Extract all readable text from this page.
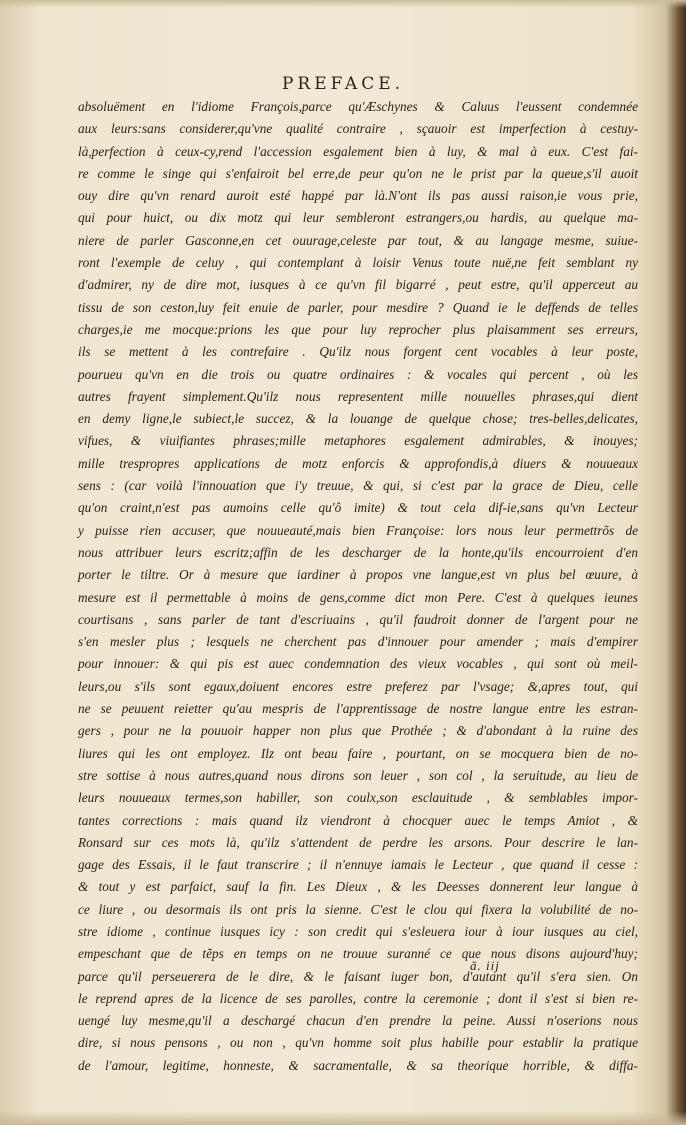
PREFACE.
absoluëment en l'idiome François,parce qu'Æschynes & Caluus l'eussent condemnée
aux leurs:sans considerer,qu'vne qualité contraire , sçauoir est imperfection à cestuy-
là,perfection à ceux-cy,rend l'accession esgalement bien à luy, & mal à eux. C'est fai-
re comme le singe qui s'enfairoit bel erre,de peur qu'on ne le prist par la queue,s'il auoit
ouy dire qu'vn renard auroit esté happé par là.N'ont ils pas aussi raison,ie vous prie,
qui pour huict, ou dix motz qui leur sembleront estrangers,ou hardis, au quelque ma-
niere de parler Gasconne,en cet ouurage,celeste par tout, & au langage mesme, suiue-
ront l'exemple de celuy , qui contemplant à loisir Venus toute nuë,ne feit semblant ny
d'admirer, ny de dire mot, iusques à ce qu'vn fil bigarré , peut estre, qu'il apperceut au
tissu de son ceston,luy feit enuie de parler, pour mesdire ? Quand ie le deffends de telles
charges,ie me mocque:prions les que pour luy reprocher plus plaisamment ses erreurs,
ils se mettent à les contrefaire . Qu'ilz nous forgent cent vocables à leur poste,
pourueu qu'vn en die trois ou quatre ordinaires : & vocales qui percent , où les
autres frayent simplement.Qu'ilz nous representent mille nouuelles phrases,qui dient
en demy ligne,le subiect,le succez, & la louange de quelque chose; tres-belles,delicates,
vifues, & viuifiantes phrases;mille metaphores esgalement admirables, & inouyes;
mille trespropres applications de motz enforcis & approfondis,à diuers & nouueaux
sens : (car voilà l'innouation que i'y treuue, & qui, si c'est par la grace de Dieu, celle
qu'on craint,n'est pas aumoins celle qu'ô imite) & tout cela dif-ie,sans qu'vn Lecteur
y puisse rien accuser, que nouueauté,mais bien Françoise: lors nous leur permettrõs de
nous attribuer leurs escritz;affin de les descharger de la honte,qu'ils encourroient d'en
porter le tiltre. Or à mesure que iardiner à propos vne langue,est vn plus bel œuure, à
mesure est il permettable à moins de gens,comme dict mon Pere. C'est à quelques ieunes
courtisans , sans parler de tant d'escriuains , qu'il faudroit donner de l'argent pour ne
s'en mesler plus ; lesquels ne cherchent pas d'innouer pour amender ; mais d'empirer
pour innouer: & qui pis est auec condemnation des vieux vocables , qui sont où meil-
leurs,ou s'ils sont egaux,doiuent encores estre preferez par l'vsage; &,apres tout, qui
ne se peuuent reietter qu'au mespris de l'apprentissage de nostre langue entre les estran-
gers , pour ne la pouuoir happer non plus que Prothée ; & d'abondant à la ruine des
liures qui les ont employez. Ilz ont beau faire , pourtant, on se mocquera bien de no-
stre sottise à nous autres,quand nous dirons son leuer , son col , la seruitude, au lieu de
leurs nouueaux termes,son habiller, son coulx,son esclauitude , & semblables impor-
tantes corrections : mais quand ilz viendront à chocquer auec le temps Amiot , &
Ronsard sur ces mots là, qu'ilz s'attendent de perdre les arsons. Pour descrire le lan-
gage des Essais, il le faut transcrire ; il n'ennuye iamais le Lecteur , que quand il cesse :
& tout y est parfaict, sauf la fin. Les Dieux , & les Deesses donnerent leur langue à
ce liure , ou desormais ils ont pris la sienne. C'est le clou qui fixera la volubilité de no-
stre idiome , continue iusques icy : son credit qui s'esleuera iour à iour iusques au ciel,
empeschant que de tẽps en temps on ne trouue suranné ce que nous disons aujourd'huy;
parce qu'il perseuerera de le dire, & le faisant iuger bon, d'autant qu'il s'era sien. On
le reprend apres de la licence de ses parolles, contre la ceremonie ; dont il s'est si bien re-
uengé luy mesme,qu'il a deschargé chacun d'en prendre la peine. Aussi n'oserions nous
dire, si nous pensons , ou non , qu'vn homme soit plus habille pour establir la pratique
de l'amour, legitime, honneste, & sacramentalle, & sa theorique horrible, & diffa-
ã. iij
